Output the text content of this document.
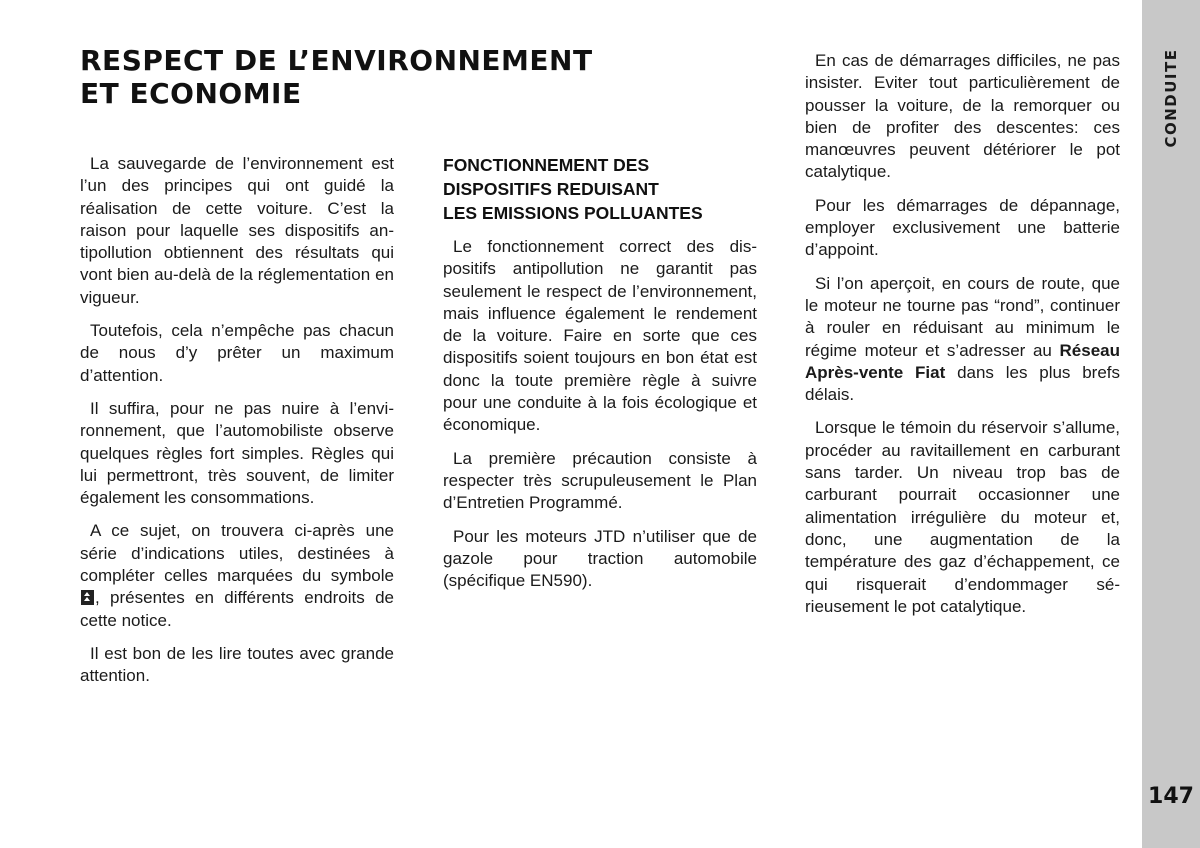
RESPECT DE L’ENVIRONNEMENT
ET ECONOMIE

La sauvegarde de l’environnement est l’un des principes qui ont guidé la réalisation de cette voiture. C’est la raison pour laquelle ses dispositifs antipollution obtiennent des résultats qui vont bien au-delà de la réglementation en vigueur.

Toutefois, cela n’empêche pas chacun de nous d’y prêter un maximum d’attention.

Il suffira, pour ne pas nuire à l’environnement, que l’automobiliste observe quelques règles fort simples. Règles qui lui permettront, très souvent, de limiter également les consommations.

A ce sujet, on trouvera ci-après une série d’indications utiles, destinées à compléter celles marquées du symbole , présentes en différents endroits de cette notice.

Il est bon de les lire toutes avec grande attention.

FONCTIONNEMENT DES
DISPOSITIFS REDUISANT
LES EMISSIONS POLLUANTES

Le fonctionnement correct des dispositifs antipollution ne garantit pas seulement le respect de l’environnement, mais influence également le rendement de la voiture. Faire en sorte que ces dispositifs soient toujours en bon état est donc la toute première règle à suivre pour une conduite à la fois écologique et économique.

La première précaution consiste à respecter très scrupuleusement le Plan d’Entretien Programmé.

Pour les moteurs JTD n’utiliser que de gazole pour traction automobile (spécifique EN590).

En cas de démarrages difficiles, ne pas insister. Eviter tout particulièrement de pousser la voiture, de la remorquer ou bien de profiter des descentes: ces manœuvres peuvent détériorer le pot catalytique.

Pour les démarrages de dépannage, employer exclusivement une batterie d’appoint.

Si l’on aperçoit, en cours de route, que le moteur ne tourne pas “rond”, continuer à rouler en réduisant au minimum le régime moteur et s’adresser au Réseau Après-vente Fiat dans les plus brefs délais.

Lorsque le témoin du réservoir s’allume, procéder au ravitaillement en carburant sans tarder. Un niveau trop bas de carburant pourrait occasionner une alimentation irrégulière du moteur et, donc, une augmentation de la température des gaz d’échappement, ce qui risquerait d’endommager sérieusement le pot catalytique.

CONDUITE
147
